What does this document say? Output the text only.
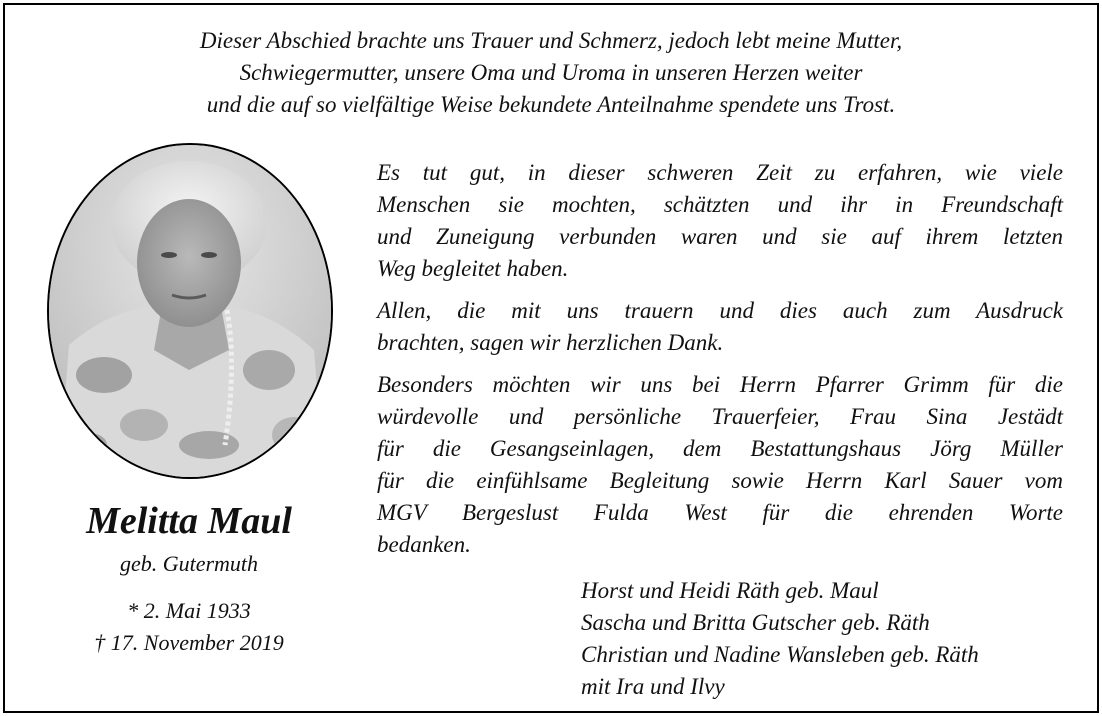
Dieser Abschied brachte uns Trauer und Schmerz, jedoch lebt meine Mutter,
Schwiegermutter, unsere Oma und Uroma in unseren Herzen weiter
und die auf so vielfältige Weise bekundete Anteilnahme spendete uns Trost.
Melitta Maul
geb. Gutermuth
* 2. Mai 1933
† 17. November 2019
Es tut gut, in dieser schweren Zeit zu erfahren, wie viele
Menschen sie mochten, schätzten und ihr in Freundschaft
und Zuneigung verbunden waren und sie auf ihrem letzten
Weg begleitet haben.
Allen, die mit uns trauern und dies auch zum Ausdruck
brachten, sagen wir herzlichen Dank.
Besonders möchten wir uns bei Herrn Pfarrer Grimm für die
würdevolle und persönliche Trauerfeier, Frau Sina Jestädt
für die Gesangseinlagen, dem Bestattungshaus Jörg Müller
für die einfühlsame Begleitung sowie Herrn Karl Sauer vom
MGV Bergeslust Fulda West für die ehrenden Worte
bedanken.
Horst und Heidi Räth geb. Maul
Sascha und Britta Gutscher geb. Räth
Christian und Nadine Wansleben geb. Räth
mit Ira und Ilvy
